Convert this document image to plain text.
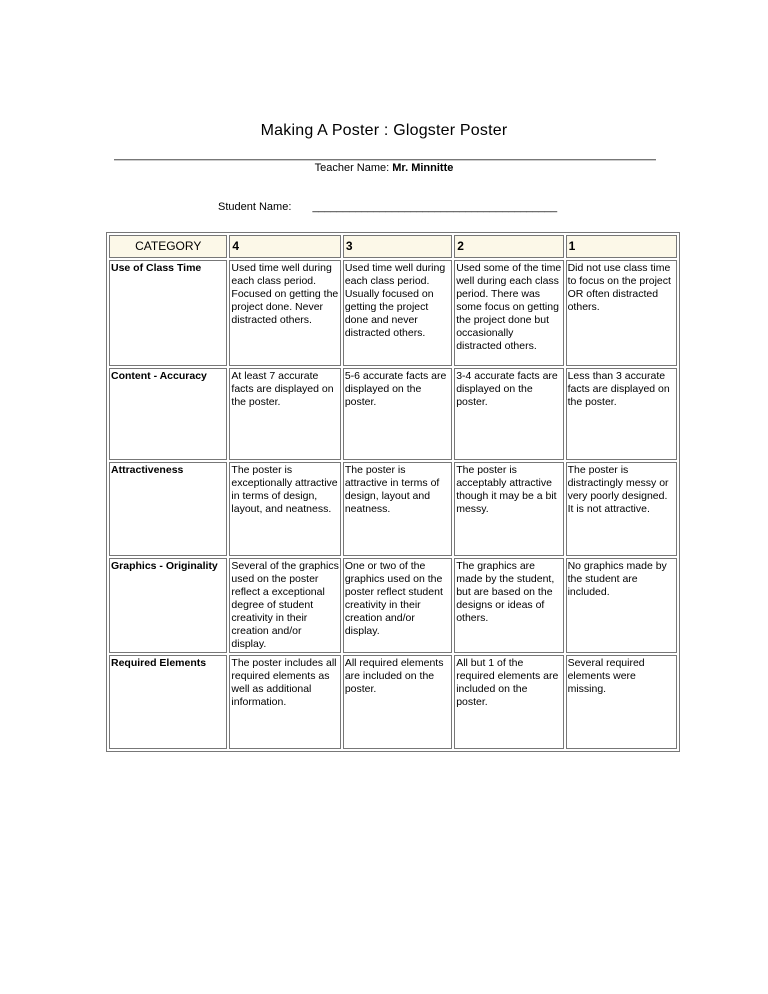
Making A Poster : Glogster Poster
Teacher Name: Mr. Minnitte
Student Name: ________________________________________
CATEGORY	4	3	2	1
Use of Class Time	Used time well during each class period. Focused on getting the project done. Never distracted others.	Used time well during each class period. Usually focused on getting the project done and never distracted others.	Used some of the time well during each class period. There was some focus on getting the project done but occasionally distracted others.	Did not use class time to focus on the project OR often distracted others.
Content - Accuracy	At least 7 accurate facts are displayed on the poster.	5-6 accurate facts are displayed on the poster.	3-4 accurate facts are displayed on the poster.	Less than 3 accurate facts are displayed on the poster.
Attractiveness	The poster is exceptionally attractive in terms of design, layout, and neatness.	The poster is attractive in terms of design, layout and neatness.	The poster is acceptably attractive though it may be a bit messy.	The poster is distractingly messy or very poorly designed. It is not attractive.
Graphics - Originality	Several of the graphics used on the poster reflect a exceptional degree of student creativity in their creation and/or display.	One or two of the graphics used on the poster reflect student creativity in their creation and/or display.	The graphics are made by the student, but are based on the designs or ideas of others.	No graphics made by the student are included.
Required Elements	The poster includes all required elements as well as additional information.	All required elements are included on the poster.	All but 1 of the required elements are included on the poster.	Several required elements were missing.
